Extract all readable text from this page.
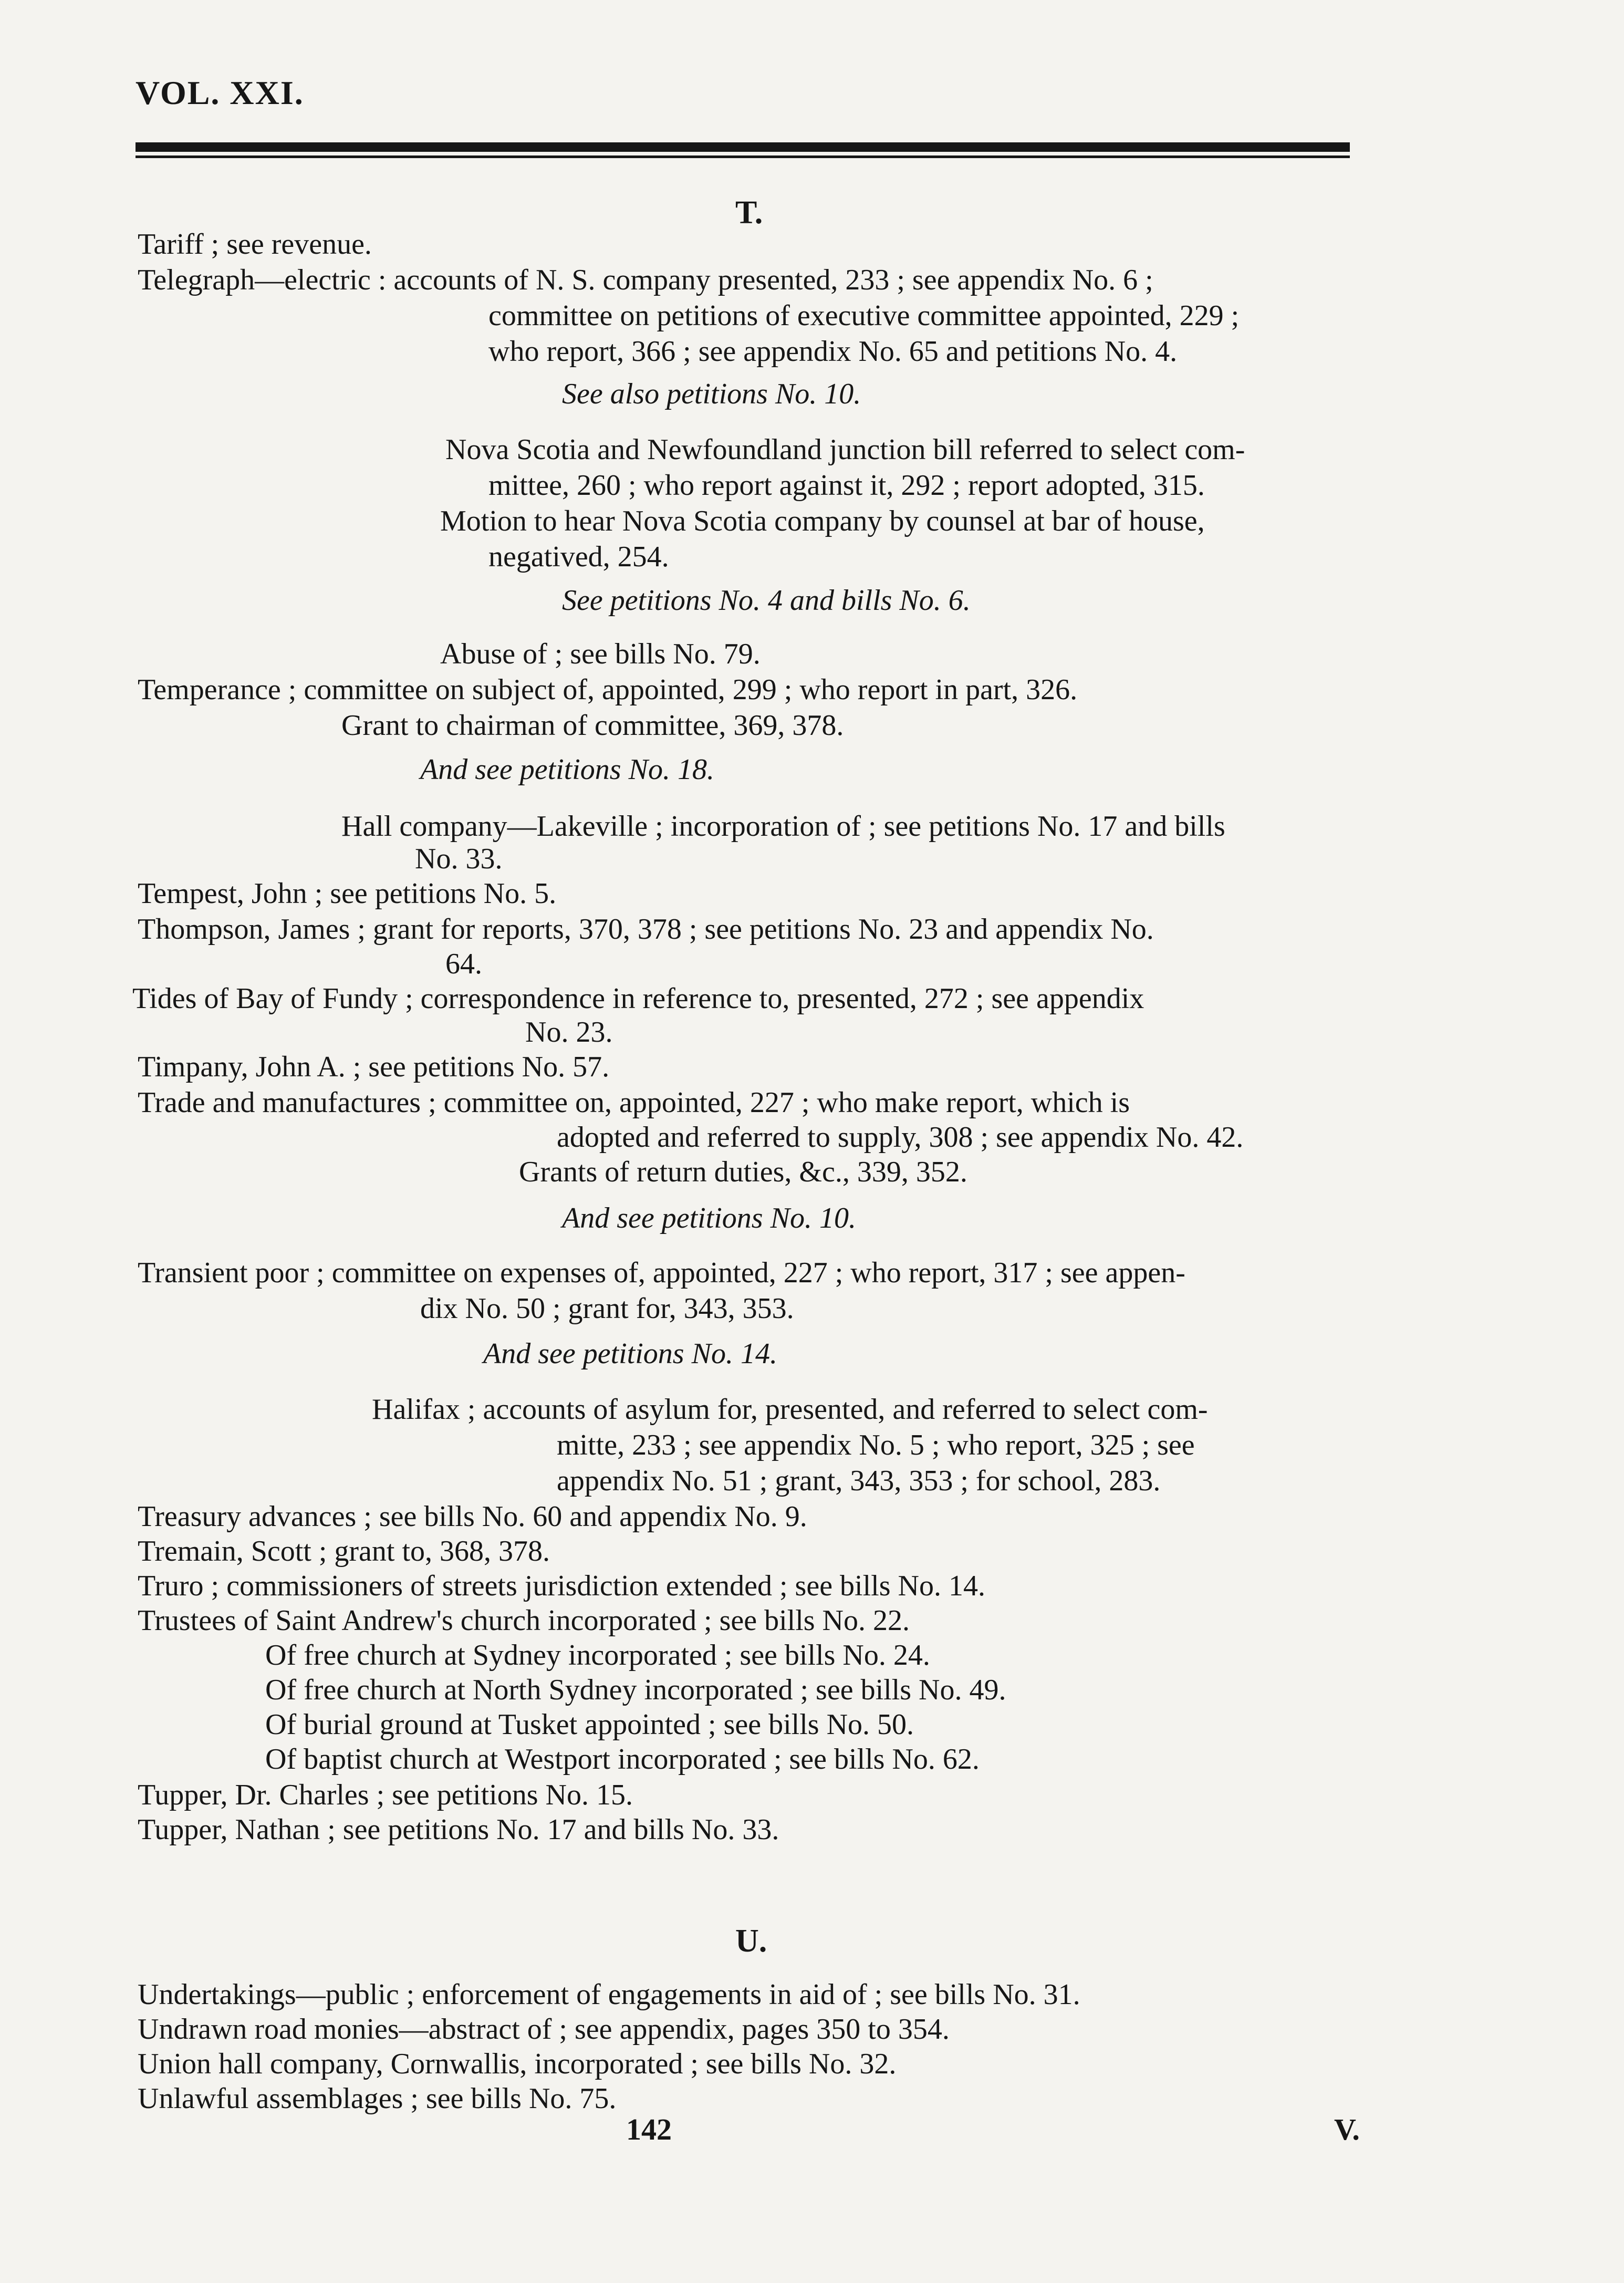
VOL. XXI.
T.
Tariff ; see revenue.
Telegraph—electric : accounts of N. S. company presented, 233 ; see appendix No. 6 ;
committee on petitions of executive committee appointed, 229 ;
who report, 366 ; see appendix No. 65 and petitions No. 4.
See also petitions No. 10.
Nova Scotia and Newfoundland junction bill referred to select com-
mittee, 260 ; who report against it, 292 ; report adopted, 315.
Motion to hear Nova Scotia company by counsel at bar of house,
negatived, 254.
See petitions No. 4 and bills No. 6.
Abuse of ; see bills No. 79.
Temperance ; committee on subject of, appointed, 299 ; who report in part, 326.
Grant to chairman of committee, 369, 378.
And see petitions No. 18.
Hall company—Lakeville ; incorporation of ; see petitions No. 17 and bills
No. 33.
Tempest, John ; see petitions No. 5.
Thompson, James ; grant for reports, 370, 378 ; see petitions No. 23 and appendix No.
64.
Tides of Bay of Fundy ; correspondence in reference to, presented, 272 ; see appendix
No. 23.
Timpany, John A. ; see petitions No. 57.
Trade and manufactures ; committee on, appointed, 227 ; who make report, which is
adopted and referred to supply, 308 ; see appendix No. 42.
Grants of return duties, &c., 339, 352.
And see petitions No. 10.
Transient poor ; committee on expenses of, appointed, 227 ; who report, 317 ; see appen-
dix No. 50 ; grant for, 343, 353.
And see petitions No. 14.
Halifax ; accounts of asylum for, presented, and referred to select com-
mitte, 233 ; see appendix No. 5 ; who report, 325 ; see
appendix No. 51 ; grant, 343, 353 ; for school, 283.
Treasury advances ; see bills No. 60 and appendix No. 9.
Tremain, Scott ; grant to, 368, 378.
Truro ; commissioners of streets jurisdiction extended ; see bills No. 14.
Trustees of Saint Andrew's church incorporated ; see bills No. 22.
Of free church at Sydney incorporated ; see bills No. 24.
Of free church at North Sydney incorporated ; see bills No. 49.
Of burial ground at Tusket appointed ; see bills No. 50.
Of baptist church at Westport incorporated ; see bills No. 62.
Tupper, Dr. Charles ; see petitions No. 15.
Tupper, Nathan ; see petitions No. 17 and bills No. 33.
U.
Undertakings—public ; enforcement of engagements in aid of ; see bills No. 31.
Undrawn road monies—abstract of ; see appendix, pages 350 to 354.
Union hall company, Cornwallis, incorporated ; see bills No. 32.
Unlawful assemblages ; see bills No. 75.
142	V.
